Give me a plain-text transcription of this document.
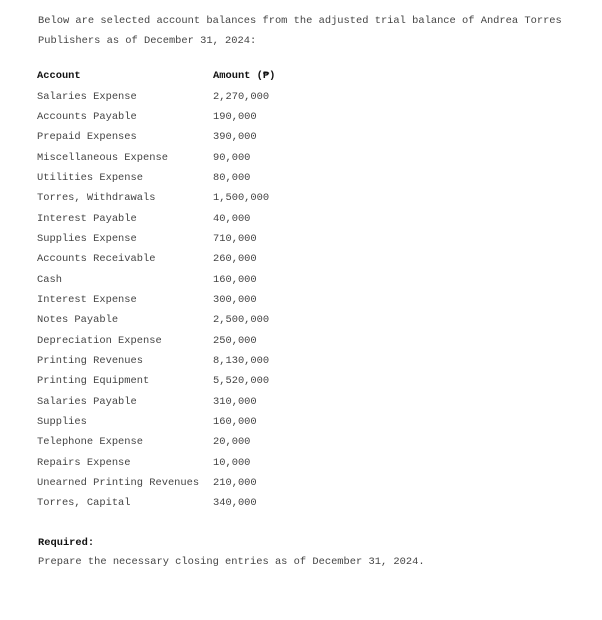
Below are selected account balances from the adjusted trial balance of Andrea Torres Publishers as of December 31, 2024:

Account	Amount (₱)
Salaries Expense	2,270,000
Accounts Payable	190,000
Prepaid Expenses	390,000
Miscellaneous Expense	90,000
Utilities Expense	80,000
Torres, Withdrawals	1,500,000
Interest Payable	40,000
Supplies Expense	710,000
Accounts Receivable	260,000
Cash	160,000
Interest Expense	300,000
Notes Payable	2,500,000
Depreciation Expense	250,000
Printing Revenues	8,130,000
Printing Equipment	5,520,000
Salaries Payable	310,000
Supplies	160,000
Telephone Expense	20,000
Repairs Expense	10,000
Unearned Printing Revenues	210,000
Torres, Capital	340,000

Required:

Prepare the necessary closing entries as of December 31, 2024.
